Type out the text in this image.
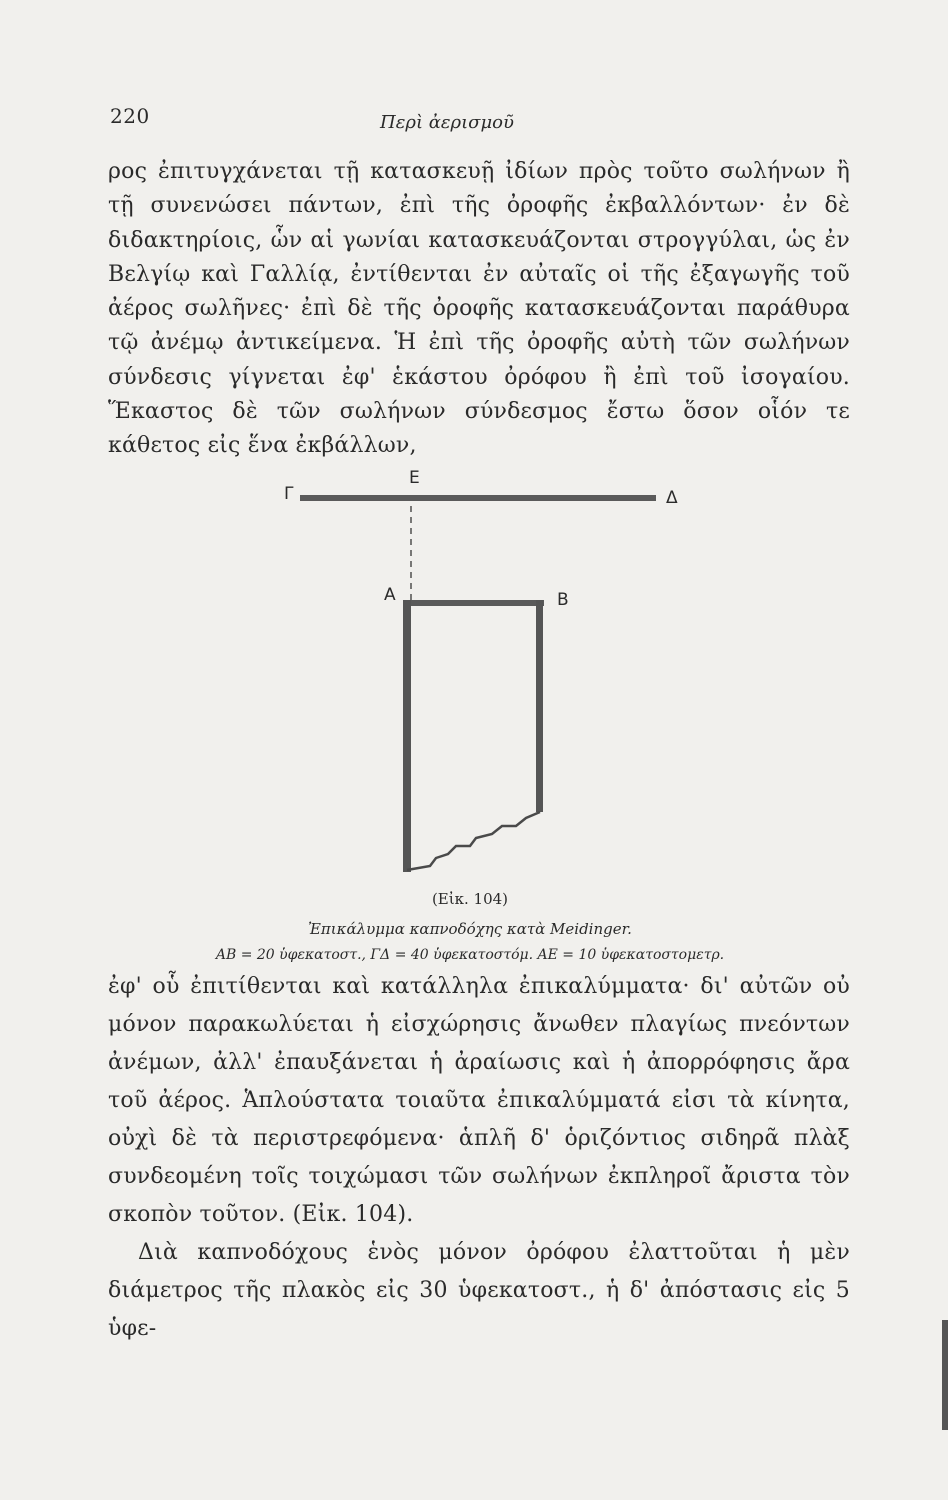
220	Περὶ ἀερισμοῦ
ρος ἐπιτυγχάνεται τῇ κατασκευῇ ἰδίων πρὸς τοῦτο σωλήνων ἢ τῇ συνενώσει πάντων, ἐπὶ τῆς ὀροφῆς ἐκβαλλόντων· ἐν δὲ διδακτηρίοις, ὧν αἱ γωνίαι κατασκευάζονται στρογγύλαι, ὡς ἐν Βελγίῳ καὶ Γαλλίᾳ, ἐντίθενται ἐν αὐταῖς οἱ τῆς ἐξαγωγῆς τοῦ ἀέρος σωλῆνες· ἐπὶ δὲ τῆς ὀροφῆς κατασκευάζονται παράθυρα τῷ ἀνέμῳ ἀντικείμενα. Ἡ ἐπὶ τῆς ὀροφῆς αὐτὴ τῶν σωλήνων σύνδεσις γίγνεται ἐφ' ἑκάστου ὀρόφου ἢ ἐπὶ τοῦ ἰσογαίου. Ἕκαστος δὲ τῶν σωλήνων σύνδεσμος ἔστω ὅσον οἷόν τε κάθετος εἰς ἕνα ἐκβάλλων,
Γ
Ε
Δ
Α	Β
(Εἰκ. 104)
Ἐπικάλυμμα καπνοδόχης κατὰ Meidinger.
ΑΒ = 20 ὑφεκατοστ., ΓΔ = 40 ὑφεκατοστόμ. ΑΕ = 10 ὑφεκατοστομετρ.
ἐφ' οὗ ἐπιτίθενται καὶ κατάλληλα ἐπικαλύμματα· δι' αὐτῶν οὐ μόνον παρακωλύεται ἡ εἰσχώρησις ἄνωθεν πλαγίως πνεόντων ἀνέμων, ἀλλ' ἐπαυξάνεται ἡ ἀραίωσις καὶ ἡ ἀπορρόφησις ἄρα τοῦ ἀέρος. Ἁπλούστατα τοιαῦτα ἐπικαλύμματά εἰσι τὰ κίνητα, οὐχὶ δὲ τὰ περιστρεφόμενα· ἁπλῆ δ' ὁριζόντιος σιδηρᾶ πλὰξ συνδεομένη τοῖς τοιχώμασι τῶν σωλήνων ἐκπληροῖ ἄριστα τὸν σκοπὸν τοῦτον. (Εἰκ. 104).
Διὰ καπνοδόχους ἑνὸς μόνον ὀρόφου ἐλαττοῦται ἡ μὲν διάμετρος τῆς πλακὸς εἰς 30 ὑφεκατοστ., ἡ δ' ἀπόστασις εἰς 5 ὑφε-
